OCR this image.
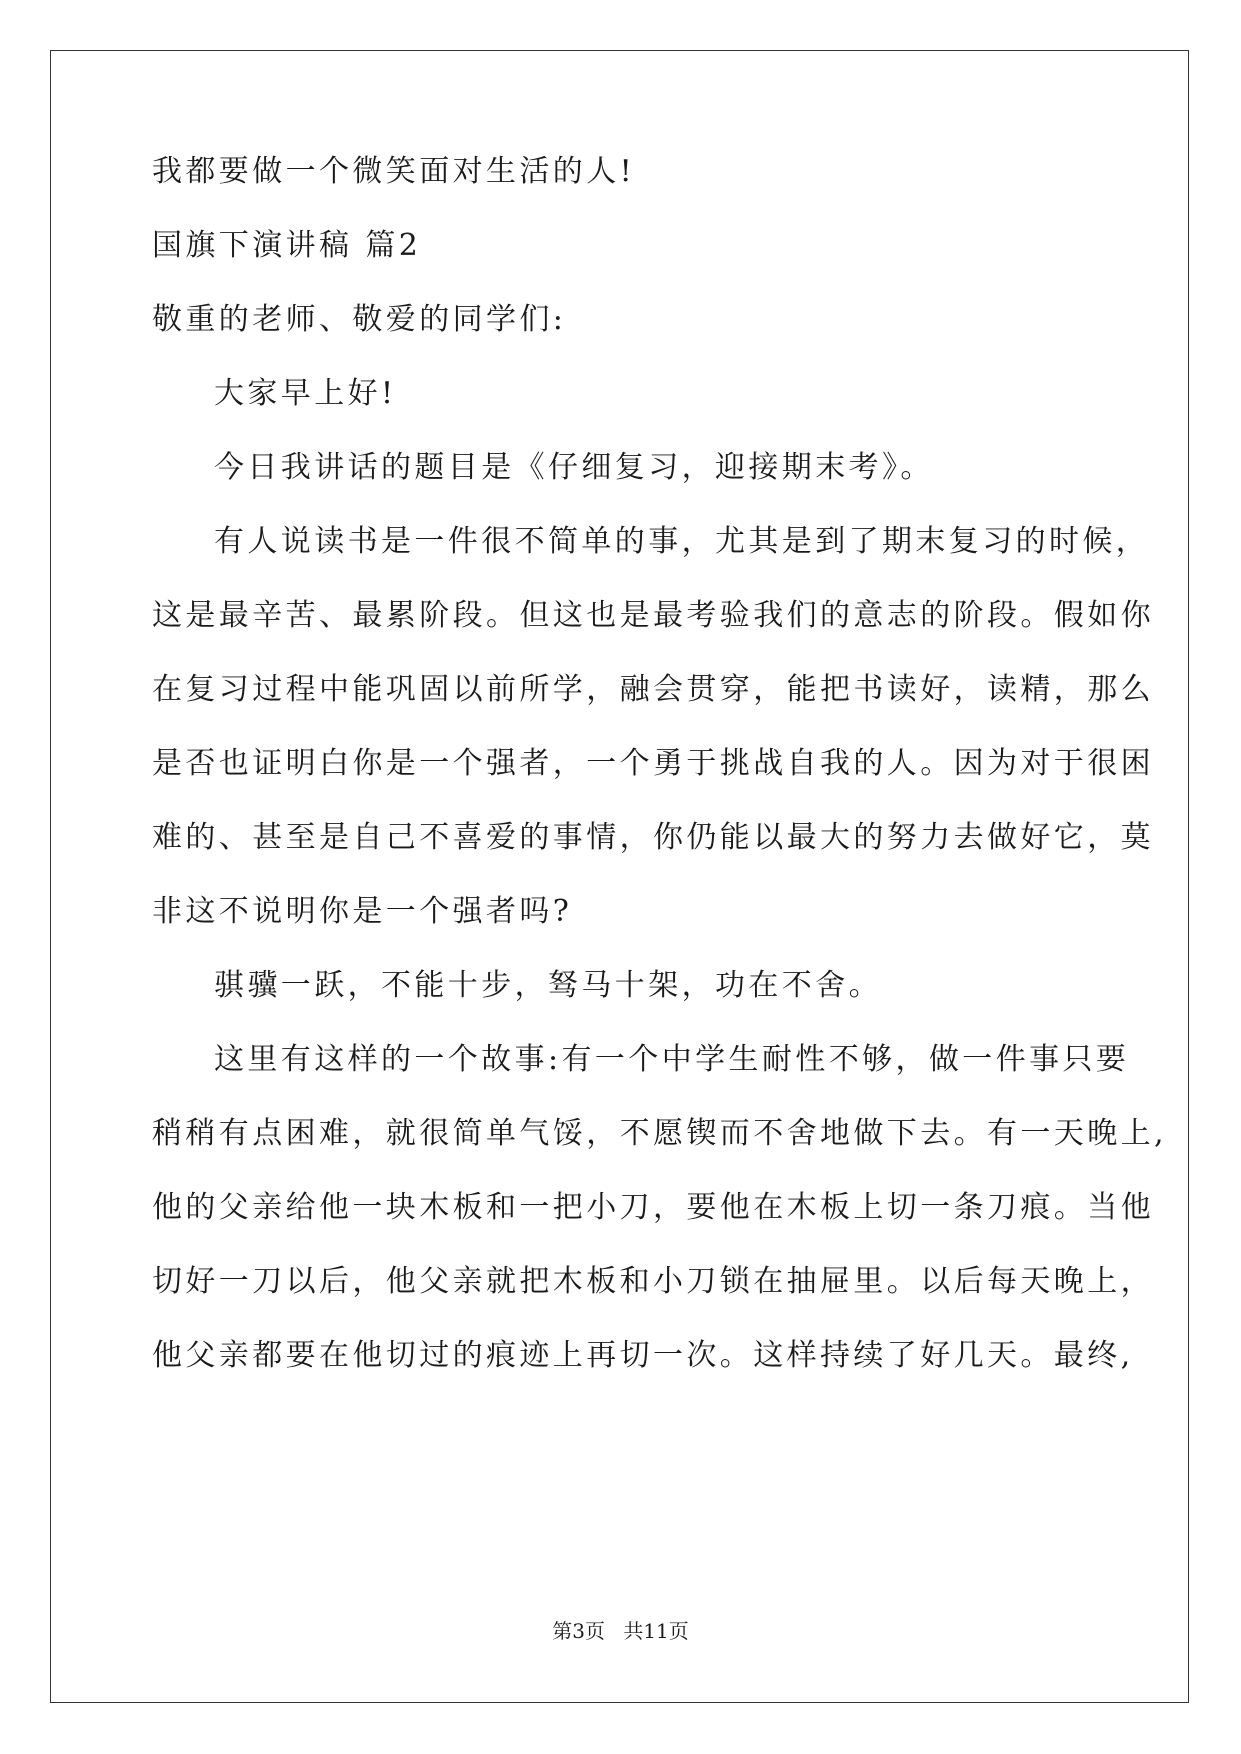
我都要做一个微笑面对生活的人!
国旗下演讲稿 篇2
敬重的老师、敬爱的同学们:
大家早上好!
今日我讲话的题目是《仔细复习，迎接期末考》。
有人说读书是一件很不简单的事，尤其是到了期末复习的时候，
这是最辛苦、最累阶段。但这也是最考验我们的意志的阶段。假如你
在复习过程中能巩固以前所学，融会贯穿，能把书读好，读精，那么
是否也证明白你是一个强者，一个勇于挑战自我的人。因为对于很困
难的、甚至是自己不喜爱的事情，你仍能以最大的努力去做好它，莫
非这不说明你是一个强者吗?
骐骥一跃，不能十步，驽马十架，功在不舍。
这里有这样的一个故事:有一个中学生耐性不够，做一件事只要
稍稍有点困难，就很简单气馁，不愿锲而不舍地做下去。有一天晚上,
他的父亲给他一块木板和一把小刀，要他在木板上切一条刀痕。当他
切好一刀以后，他父亲就把木板和小刀锁在抽屉里。以后每天晚上，
他父亲都要在他切过的痕迹上再切一次。这样持续了好几天。最终,
第3页 共11页
